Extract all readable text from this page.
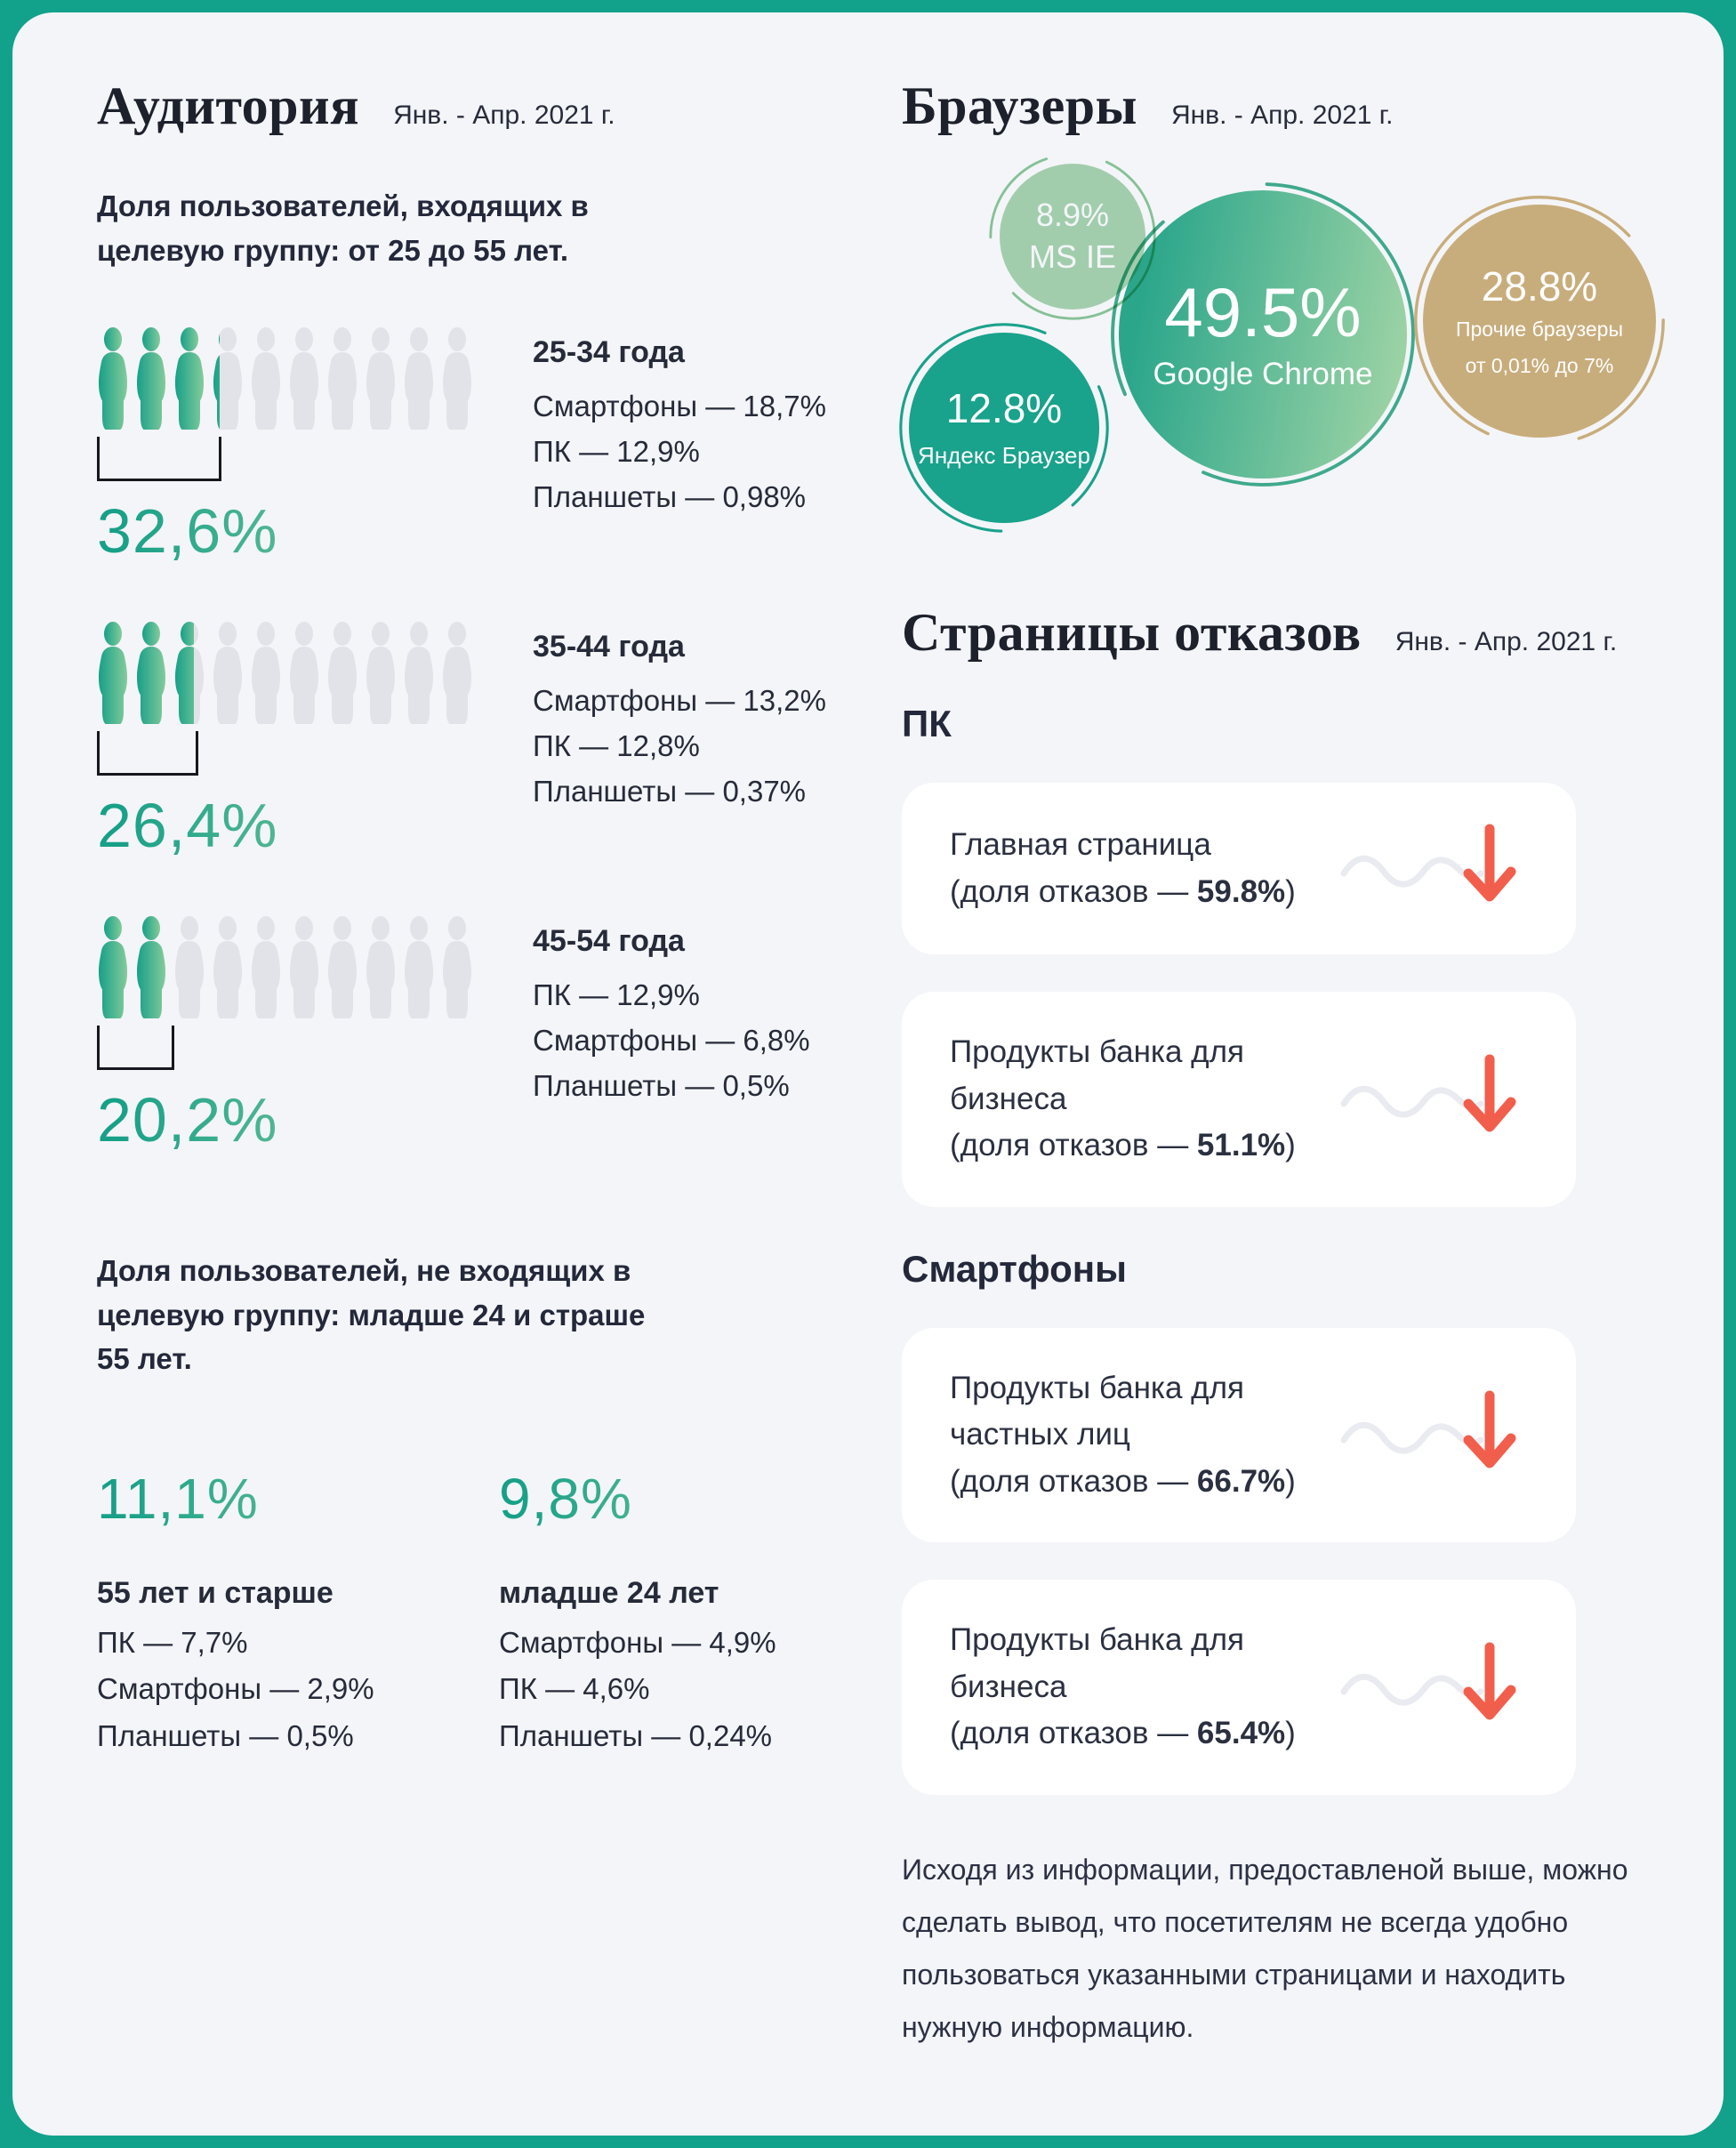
Аудитория Янв. - Апр. 2021 г.

Доля пользователей, входящих в целевую группу: от 25 до 55 лет.

32,6%
25-34 года
Смартфоны — 18,7%
ПК — 12,9%
Планшеты — 0,98%
26,4%
35-44 года
Смартфоны — 13,2%
ПК — 12,8%
Планшеты — 0,37%
20,2%
45-54 года
ПК — 12,9%
Смартфоны — 6,8%
Планшеты — 0,5%

Доля пользователей, не входящих в целевую группу: младше 24 и страше 55 лет.

11,1%
55 лет и старше
ПК — 7,7%
Смартфоны — 2,9%
Планшеты — 0,5%
9,8%
младше 24 лет
Смартфоны — 4,9%
ПК — 4,6%
Планшеты — 0,24%
Браузеры Янв. - Апр. 2021 г.
49.5%
Google Chrome
8.9%
MS IE
12.8%
Яндекс Браузер
28.8%
Прочие браузеры
от 0,01% до 7%
Страницы отказов Янв. - Апр. 2021 г.
ПК
Главная страница
(доля отказов — 59.8%)
Продукты банка для бизнеса
(доля отказов — 51.1%)
Смартфоны
Продукты банка для частных лиц
(доля отказов — 66.7%)
Продукты банка для бизнеса
(доля отказов — 65.4%)

Исходя из информации, предоставленой выше, можно сделать вывод, что посетителям не всегда удобно пользоваться указанными страницами и находить нужную информацию.
